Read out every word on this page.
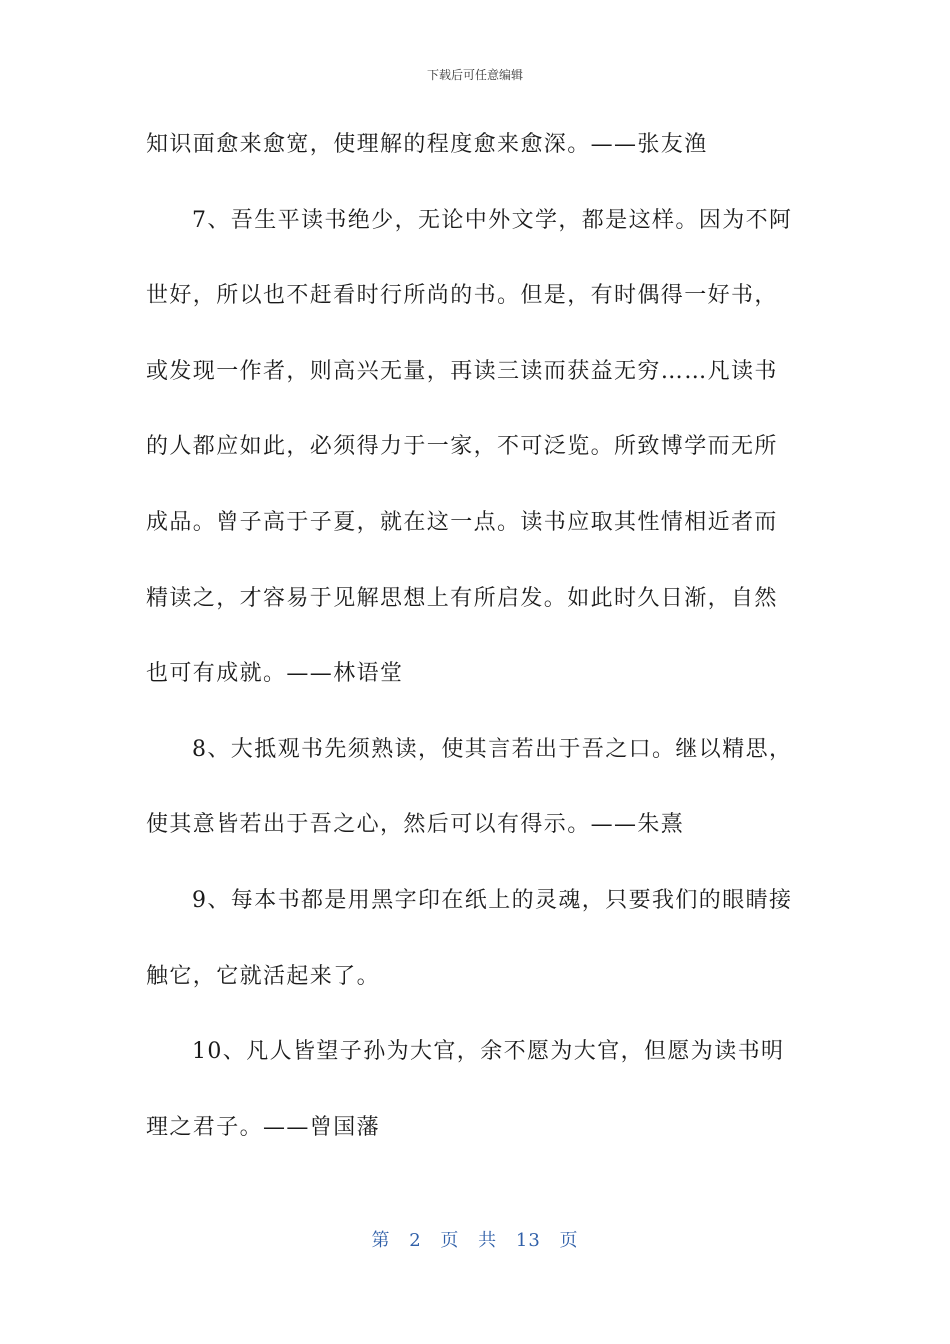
下载后可任意编辑
知识面愈来愈宽，使理解的程度愈来愈深。——张友渔
7、吾生平读书绝少，无论中外文学，都是这样。因为不阿
世好，所以也不赶看时行所尚的书。但是，有时偶得一好书，
或发现一作者，则高兴无量，再读三读而获益无穷……凡读书
的人都应如此，必须得力于一家，不可泛览。所致博学而无所
成品。曾子高于子夏，就在这一点。读书应取其性情相近者而
精读之，才容易于见解思想上有所启发。如此时久日渐，自然
也可有成就。——林语堂
8、大抵观书先须熟读，使其言若出于吾之口。继以精思，
使其意皆若出于吾之心，然后可以有得示。——朱熹
9、每本书都是用黑字印在纸上的灵魂，只要我们的眼睛接
触它，它就活起来了。
10、凡人皆望子孙为大官，余不愿为大官，但愿为读书明
理之君子。——曾国藩
第 2 页 共 13 页
